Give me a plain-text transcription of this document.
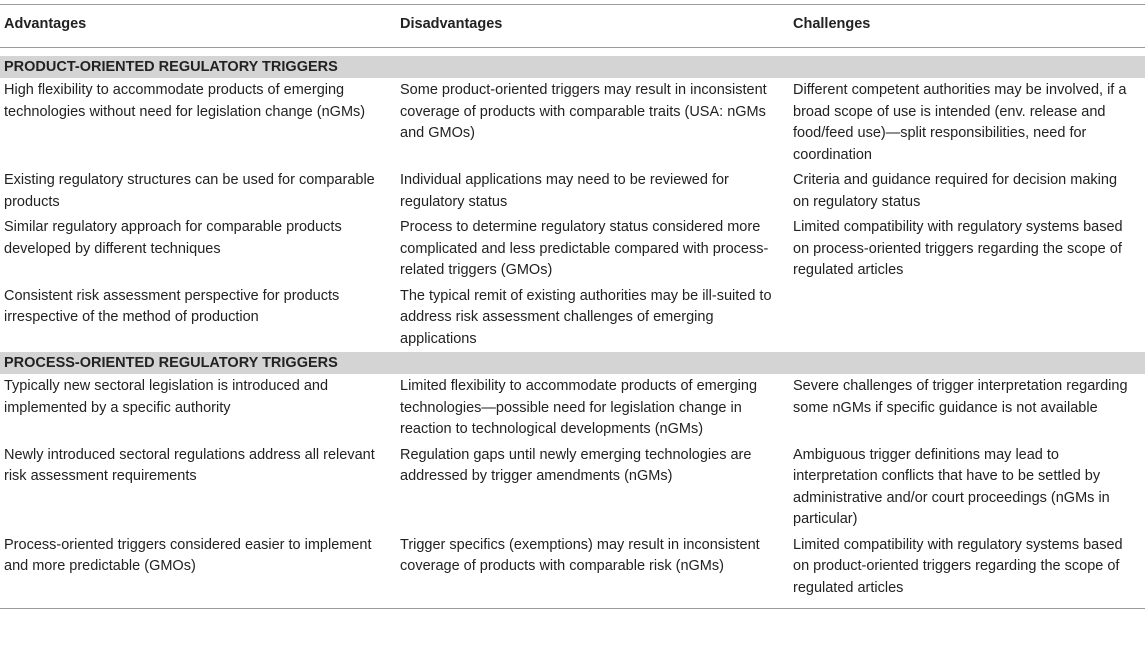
Advantages	Disadvantages	Challenges

PRODUCT-ORIENTED REGULATORY TRIGGERS		
High flexibility to accommodate products of emerging technologies without need for legislation change (nGMs)	Some product-oriented triggers may result in inconsistent coverage of products with comparable traits (USA: nGMs and GMOs)	Different competent authorities may be involved, if a broad scope of use is intended (env. release and food/feed use)—split responsibilities, need for coordination
Existing regulatory structures can be used for comparable products	Individual applications may need to be reviewed for regulatory status	Criteria and guidance required for decision making on regulatory status
Similar regulatory approach for comparable products developed by different techniques	Process to determine regulatory status considered more complicated and less predictable compared with process-related triggers (GMOs)	Limited compatibility with regulatory systems based on process-oriented triggers regarding the scope of regulated articles
Consistent risk assessment perspective for products irrespective of the method of production	The typical remit of existing authorities may be ill-suited to address risk assessment challenges of emerging applications	
PROCESS-ORIENTED REGULATORY TRIGGERS		
Typically new sectoral legislation is introduced and implemented by a specific authority	Limited flexibility to accommodate products of emerging technologies—possible need for legislation change in reaction to technological developments (nGMs)	Severe challenges of trigger interpretation regarding some nGMs if specific guidance is not available
Newly introduced sectoral regulations address all relevant risk assessment requirements	Regulation gaps until newly emerging technologies are addressed by trigger amendments (nGMs)	Ambiguous trigger definitions may lead to interpretation conflicts that have to be settled by administrative and/or court proceedings (nGMs in particular)
Process-oriented triggers considered easier to implement and more predictable (GMOs)	Trigger specifics (exemptions) may result in inconsistent coverage of products with comparable risk (nGMs)	Limited compatibility with regulatory systems based on product-oriented triggers regarding the scope of regulated articles
